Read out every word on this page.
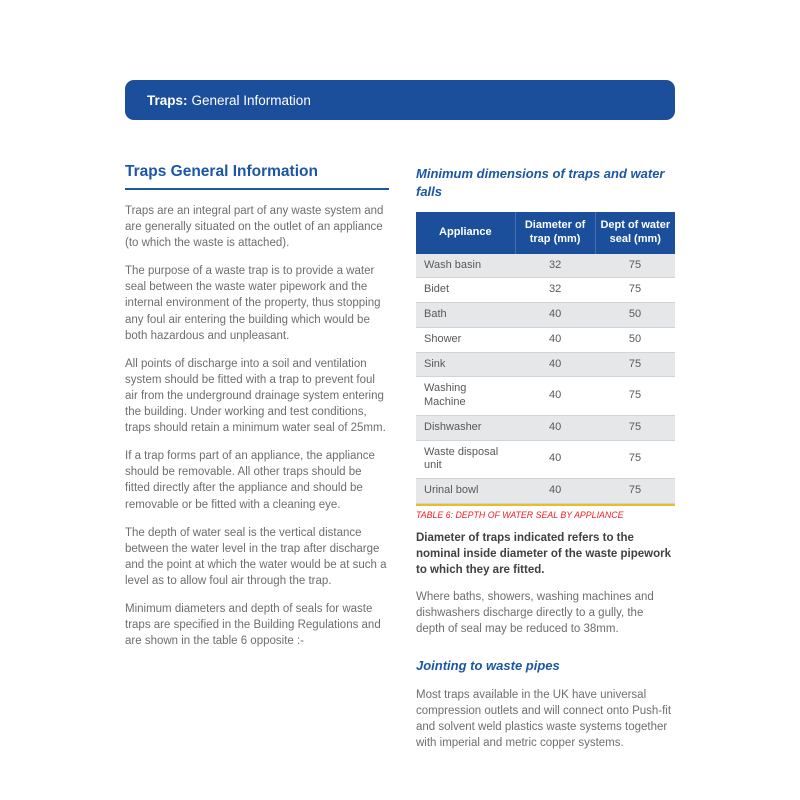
Traps: General Information
Traps General Information

Traps are an integral part of any waste system and are generally situated on the outlet of an appliance (to which the waste is attached).

The purpose of a waste trap is to provide a water seal between the waste water pipework and the internal environment of the property, thus stopping any foul air entering the building which would be both hazardous and unpleasant.

All points of discharge into a soil and ventilation system should be fitted with a trap to prevent foul air from the underground drainage system entering the building. Under working and test conditions, traps should retain a minimum water seal of 25mm.

If a trap forms part of an appliance, the appliance should be removable. All other traps should be fitted directly after the appliance and should be removable or be fitted with a cleaning eye.

The depth of water seal is the vertical distance between the water level in the trap after discharge and the point at which the water would be at such a level as to allow foul air through the trap.

Minimum diameters and depth of seals for waste traps are specified in the Building Regulations and are shown in the table 6 opposite :-

Minimum dimensions of traps and water falls
Appliance	Diameter of trap (mm)	Dept of water seal (mm)
Wash basin	32	75
Bidet	32	75
Bath	40	50
Shower	40	50
Sink	40	75
Washing Machine	40	75
Dishwasher	40	75
Waste disposal unit	40	75
Urinal bowl	40	75

TABLE 6: DEPTH OF WATER SEAL BY APPLIANCE

Diameter of traps indicated refers to the nominal inside diameter of the waste pipework to which they are fitted.

Where baths, showers, washing machines and dishwashers discharge directly to a gully, the depth of seal may be reduced to 38mm.

Jointing to waste pipes

Most traps available in the UK have universal compression outlets and will connect onto Push-fit and solvent weld plastics waste systems together with imperial and metric copper systems.
